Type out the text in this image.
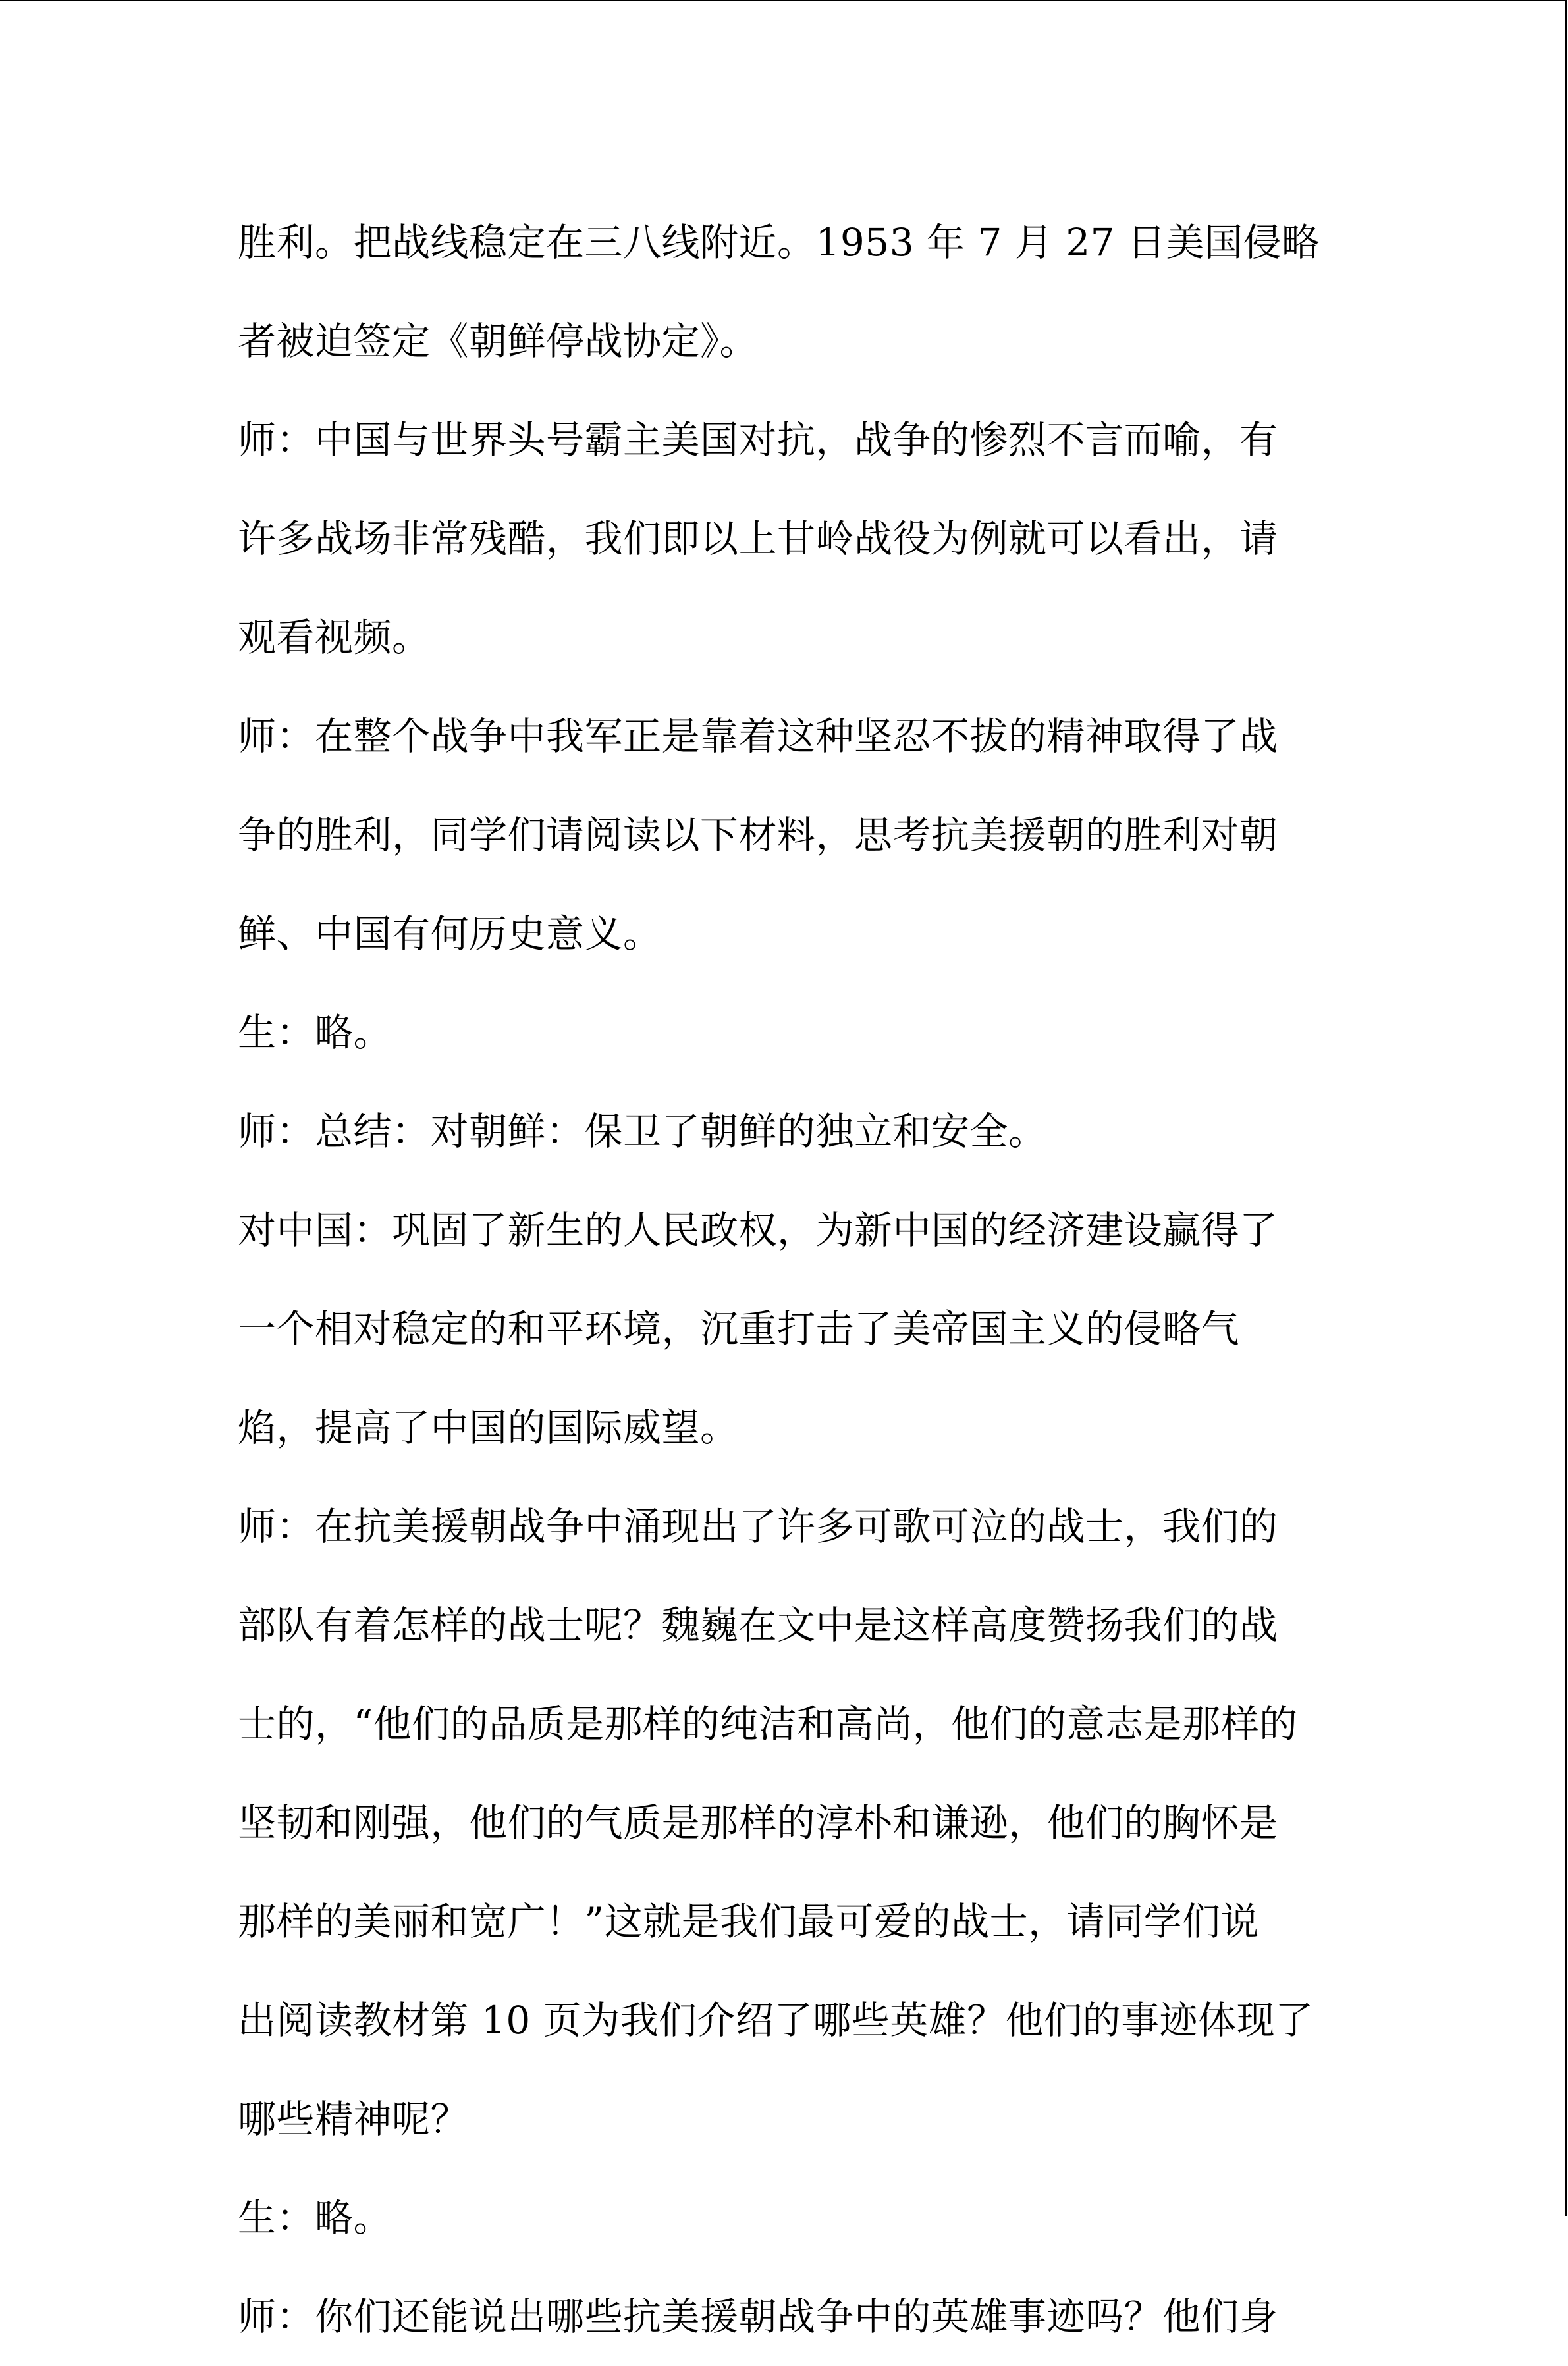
胜利。把战线稳定在三八线附近。1953 年 7 月 27 日美国侵略
者被迫签定《朝鲜停战协定》。
师：中国与世界头号霸主美国对抗，战争的惨烈不言而喻，有
许多战场非常残酷，我们即以上甘岭战役为例就可以看出，请
观看视频。
师：在整个战争中我军正是靠着这种坚忍不拔的精神取得了战
争的胜利，同学们请阅读以下材料，思考抗美援朝的胜利对朝
鲜、中国有何历史意义。
生：略。
师：总结：对朝鲜：保卫了朝鲜的独立和安全。
对中国：巩固了新生的人民政权，为新中国的经济建设赢得了
一个相对稳定的和平环境，沉重打击了美帝国主义的侵略气
焰，提高了中国的国际威望。
师：在抗美援朝战争中涌现出了许多可歌可泣的战士，我们的
部队有着怎样的战士呢？魏巍在文中是这样高度赞扬我们的战
士的，“他们的品质是那样的纯洁和高尚，他们的意志是那样的
坚韧和刚强，他们的气质是那样的淳朴和谦逊，他们的胸怀是
那样的美丽和宽广！”这就是我们最可爱的战士，请同学们说
出阅读教材第 10 页为我们介绍了哪些英雄？他们的事迹体现了
哪些精神呢？
生：略。
师：你们还能说出哪些抗美援朝战争中的英雄事迹吗？他们身
